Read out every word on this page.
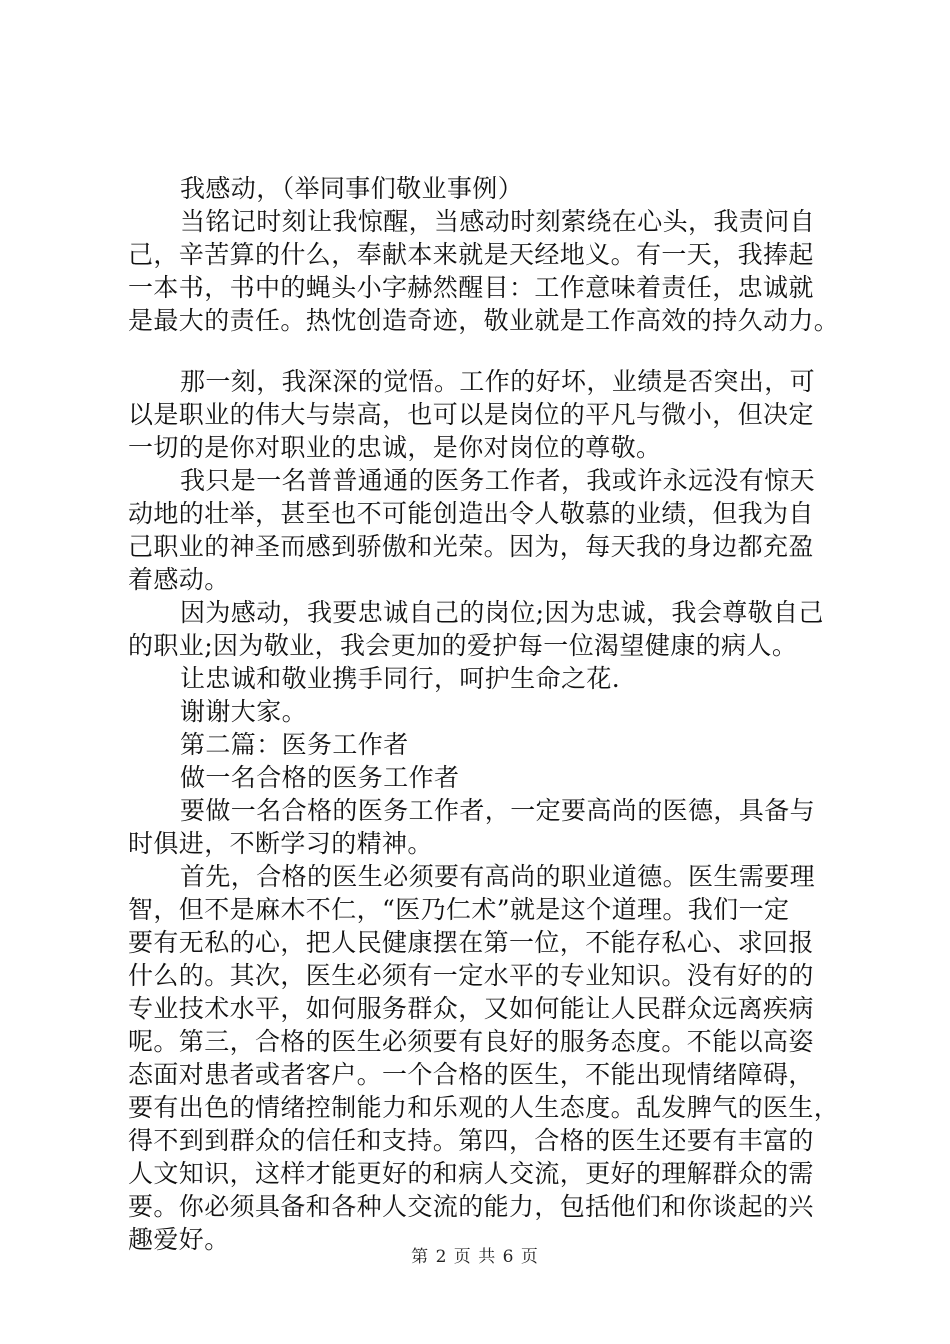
我感动，（举同事们敬业事例）
当铭记时刻让我惊醒，当感动时刻萦绕在心头，我责问自
己，辛苦算的什么，奉献本来就是天经地义。有一天，我捧起
一本书，书中的蝇头小字赫然醒目：工作意味着责任，忠诚就
是最大的责任。热忱创造奇迹，敬业就是工作高效的持久动力。
那一刻，我深深的觉悟。工作的好坏，业绩是否突出，可
以是职业的伟大与崇高，也可以是岗位的平凡与微小，但决定
一切的是你对职业的忠诚，是你对岗位的尊敬。
我只是一名普普通通的医务工作者，我或许永远没有惊天
动地的壮举，甚至也不可能创造出令人敬慕的业绩，但我为自
己职业的神圣而感到骄傲和光荣。因为，每天我的身边都充盈
着感动。
因为感动，我要忠诚自己的岗位;因为忠诚，我会尊敬自己
的职业;因为敬业，我会更加的爱护每一位渴望健康的病人。
让忠诚和敬业携手同行，呵护生命之花.
谢谢大家。
第二篇：医务工作者
做一名合格的医务工作者
要做一名合格的医务工作者，一定要高尚的医德，具备与
时俱进，不断学习的精神。
首先，合格的医生必须要有高尚的职业道德。医生需要理
智，但不是麻木不仁，“医乃仁术”就是这个道理。我们一定
要有无私的心，把人民健康摆在第一位，不能存私心、求回报
什么的。其次，医生必须有一定水平的专业知识。没有好的的
专业技术水平，如何服务群众，又如何能让人民群众远离疾病
呢。第三，合格的医生必须要有良好的服务态度。不能以高姿
态面对患者或者客户。一个合格的医生，不能出现情绪障碍，
要有出色的情绪控制能力和乐观的人生态度。乱发脾气的医生，
得不到到群众的信任和支持。第四，合格的医生还要有丰富的
人文知识，这样才能更好的和病人交流，更好的理解群众的需
要。你必须具备和各种人交流的能力，包括他们和你谈起的兴
趣爱好。
第 2 页 共 6 页
